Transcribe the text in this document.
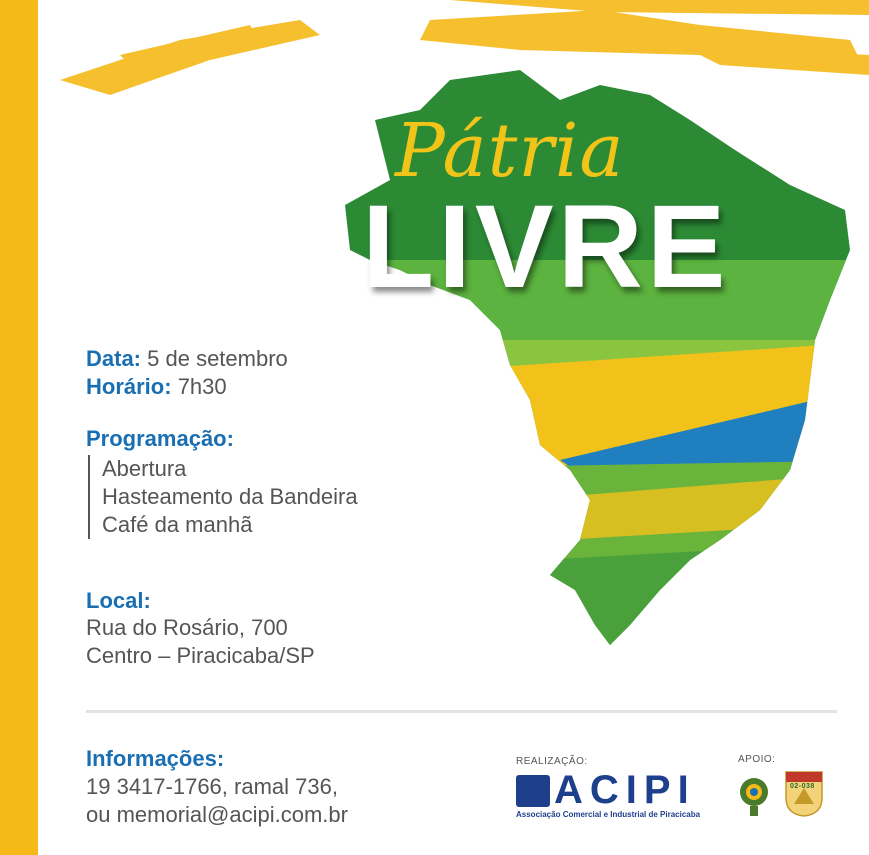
Pátria
LIVRE
Data: 5 de setembro
Horário: 7h30
Programação:
Abertura
Hasteamento da Bandeira
Café da manhã
Local:
Rua do Rosário, 700
Centro – Piracicaba/SP
Informações:
19 3417-1766, ramal 736,
ou memorial@acipi.com.br
REALIZAÇÃO:
ACIPI
Associação Comercial e Industrial de Piracicaba
APOIO:
02-038
